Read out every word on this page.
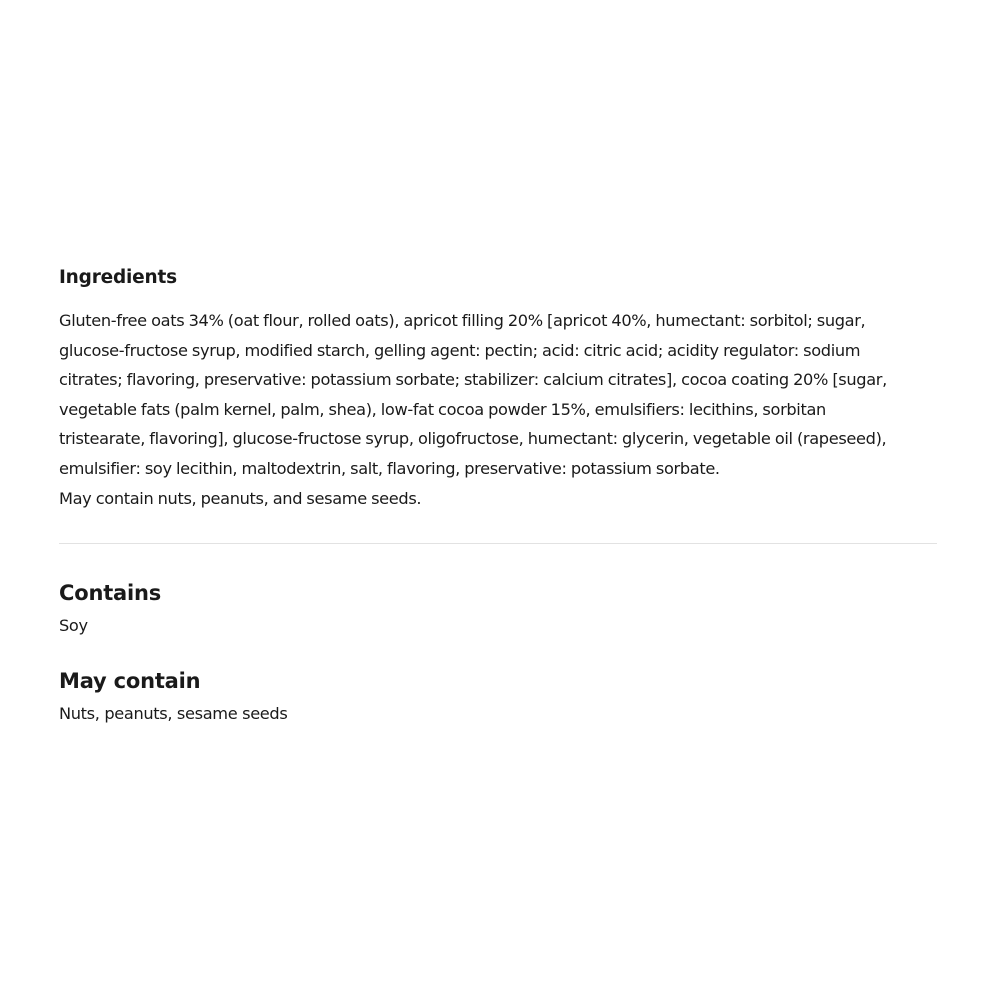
Ingredients

Gluten-free oats 34% (oat flour, rolled oats), apricot filling 20% [apricot 40%, humectant: sorbitol; sugar,
glucose-fructose syrup, modified starch, gelling agent: pectin; acid: citric acid; acidity regulator: sodium
citrates; flavoring, preservative: potassium sorbate; stabilizer: calcium citrates], cocoa coating 20% [sugar,
vegetable fats (palm kernel, palm, shea), low-fat cocoa powder 15%, emulsifiers: lecithins, sorbitan
tristearate, flavoring], glucose-fructose syrup, oligofructose, humectant: glycerin, vegetable oil (rapeseed),
emulsifier: soy lecithin, maltodextrin, salt, flavoring, preservative: potassium sorbate.
May contain nuts, peanuts, and sesame seeds.

Contains

Soy

May contain

Nuts, peanuts, sesame seeds
